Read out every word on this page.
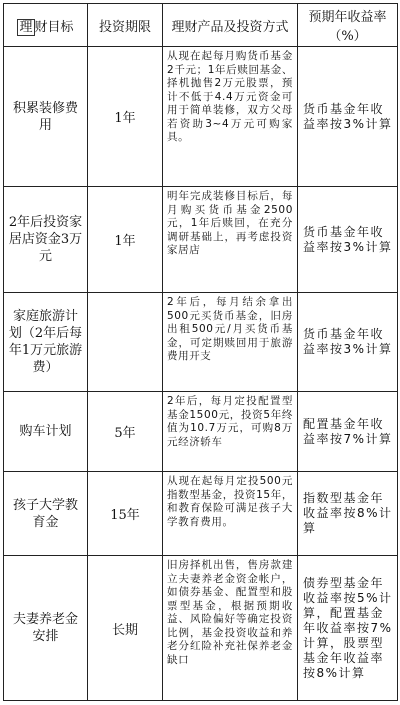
理 财目标	投资期限	理财产品及投资方式	预期年收益率（%）
积累装修费用	1年	从现在起每月购货币基金2千元；1年后赎回基金、择机抛售2万元股票，预计不低于4.4万元资金可用于简单装修，双方父母若资助3~4万元可购家具。	货币基金年收益率按3%计算
2年后投资家居店资金3万元	1年	明年完成装修目标后，每月购买货币基金2500元，1年后赎回，在充分调研基础上，再考虑投资家居店	货币基金年收益率按3%计算
家庭旅游计划（2年后每年1万元旅游费）		2年后，每月结余拿出500元买货币基金，旧房出租500元/月买货币基金，可定期赎回用于旅游费用开支	货币基金年收益率按3%计算
购车计划	5年	2年后，每月定投配置型基金1500元，投资5年终值为10.7万元，可购8万元经济轿车	配置基金年收益率按7%计算
孩子大学教育金	15年	从现在起每月定投500元指数型基金，投资15年，和教育保险可满足孩子大学教育费用。	指数型基金年收益率按8%计算
夫妻养老金安排	长期	旧房择机出售，售房款建立夫妻养老金资金帐户，如债券基金、配置型和股票型基金，根据预期收益、风险偏好等确定投资比例，基金投资收益和养老分红险补充社保养老金缺口	债券型基金年收益率按5%计算，配置基金年收益率按7%计算，股票型基金年收益率按8%计算
